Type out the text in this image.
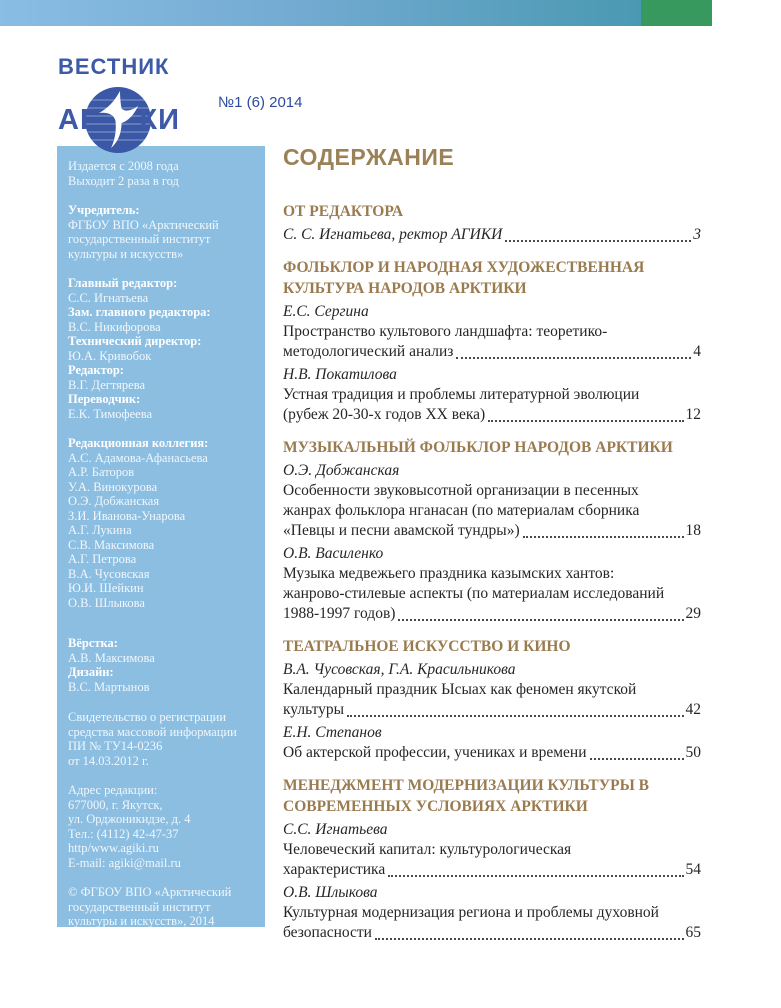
ВЕСТНИК
АГ КИ
№1 (6) 2014
Издается с 2008 года
Выходит 2 раза в год
Учредитель:
ФГБОУ ВПО «Арктический государственный институт культуры и искусств»
Главный редактор:
С.С. Игнатьева
Зам. главного редактора:
В.С. Никифорова
Технический директор:
Ю.А. Кривобок
Редактор:
В.Г. Дегтярева
Переводчик:
Е.К. Тимофеева
Редакционная коллегия:
А.С. Адамова-Афанасьева
А.Р. Баторов
У.А. Винокурова
О.Э. Добжанская
З.И. Иванова-Унарова
А.Г. Лукина
С.В. Максимова
А.Г. Петрова
В.А. Чусовская
Ю.И. Шейкин
О.В. Шлыкова
Вёрстка:
А.В. Максимова
Дизайн:
В.С. Мартынов
Свидетельство о регистрации
средства массовой информации
ПИ № ТУ14-0236
от 14.03.2012 г.
Адрес редакции:
677000, г. Якутск,
ул. Орджоникидзе, д. 4
Тел.: (4112) 42-47-37
http/www.agiki.ru
E-mail: agiki@mail.ru
© ФГБОУ ВПО «Арктический
государственный институт
культуры и искусств», 2014
СОДЕРЖАНИЕ
ОТ РЕДАКТОРА
С. С. Игнатьева, ректор АГИКИ	3
ФОЛЬКЛОР И НАРОДНАЯ ХУДОЖЕСТВЕННАЯ КУЛЬТУРА НАРОДОВ АРКТИКИ
Е.С. Сергина
Пространство культового ландшафта: теоретико-
методологический анализ	4
Н.В. Покатилова
Устная традиция и проблемы литературной эволюции
(рубеж 20-30-х годов XX века)	12
МУЗЫКАЛЬНЫЙ ФОЛЬКЛОР НАРОДОВ АРКТИКИ
О.Э. Добжанская
Особенности звуковысотной организации в песенных
жанрах фольклора нганасан (по материалам сборника
«Певцы и песни авамской тундры»)	18
О.В. Василенко
Музыка медвежьего праздника казымских хантов:
жанрово-стилевые аспекты (по материалам исследований
1988-1997 годов)	29
ТЕАТРАЛЬНОЕ ИСКУССТВО И КИНО
В.А. Чусовская, Г.А. Красильникова
Календарный праздник Ысыах как феномен якутской
культуры	42
Е.Н. Степанов
Об актерской профессии, учениках и времени	50
МЕНЕДЖМЕНТ МОДЕРНИЗАЦИИ КУЛЬТУРЫ В СОВРЕМЕННЫХ УСЛОВИЯХ АРКТИКИ
С.С. Игнатьева
Человеческий капитал: культурологическая
характеристика	54
О.В. Шлыкова
Культурная модернизация региона и проблемы духовной
безопасности	65
